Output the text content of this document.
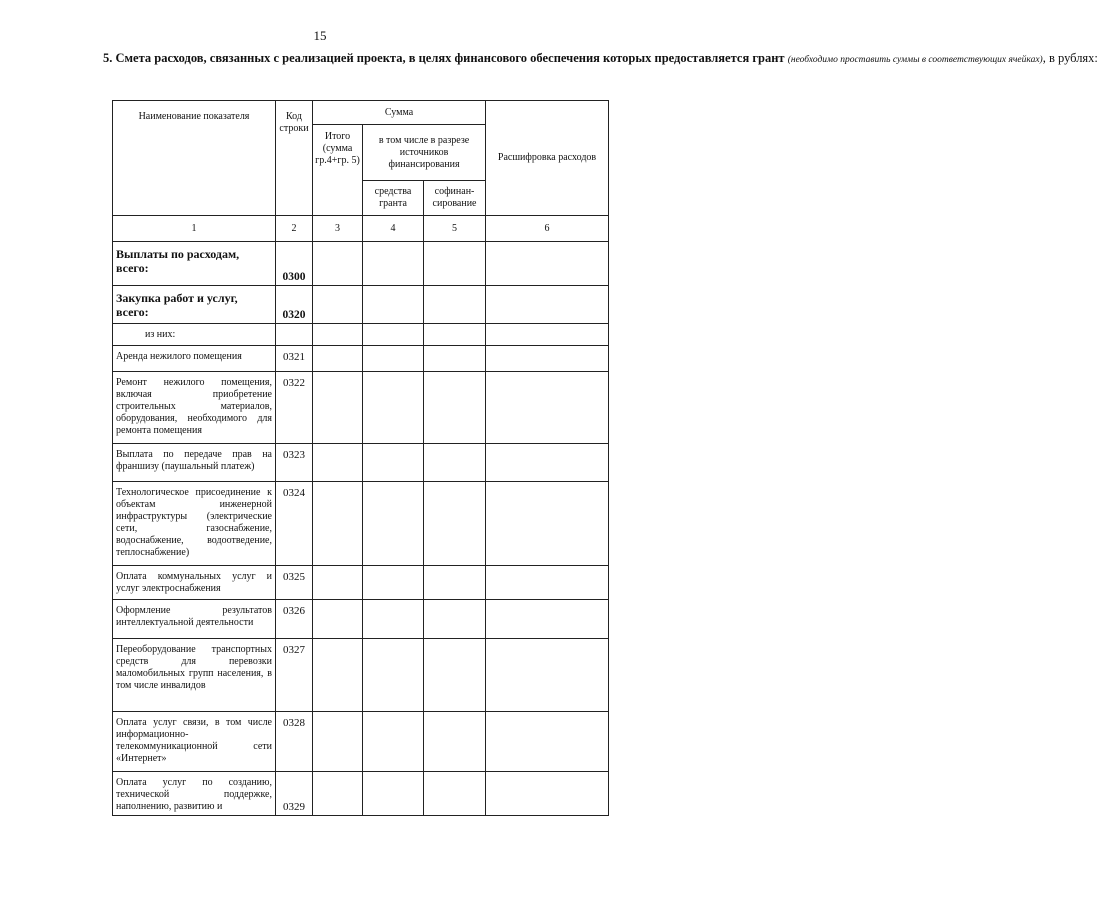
15
5. Смета расходов, связанных с реализацией проекта, в целях финансового обеспечения которых предоставляется грант (необходимо проставить суммы в соответствующих ячейках), в рублях:
Наименование показателя	Код строки	Сумма			Расшифровка расходов
		Итого (сумма гр.4+гр. 5)	в том числе в разрезе источников финансирования		
			средства гранта	софинан-сирование	
1	2	3	4	5	6
Выплаты по расходам, всего:	0300				
Закупка работ и услуг, всего:	0320				
из них:					
Аренда нежилого помещения	0321				
Ремонт нежилого помещения, включая приобретение строительных материалов, оборудования, необходимого для ремонта помещения	0322				
Выплата по передаче прав на франшизу (паушальный платеж)	0323				
Технологическое присоединение к объектам инженерной инфраструктуры (электрические сети, газоснабжение, водоснабжение, водоотведение, теплоснабжение)	0324				
Оплата коммунальных услуг и услуг электроснабжения	0325				
Оформление результатов интеллектуальной деятельности	0326				
Переоборудование транспортных средств для перевозки маломобильных групп населения, в том числе инвалидов	0327				
Оплата услуг связи, в том числе информационно-телекоммуникационной сети «Интернет»	0328				
Оплата услуг по созданию, технической поддержке, наполнению, развитию и	0329				
